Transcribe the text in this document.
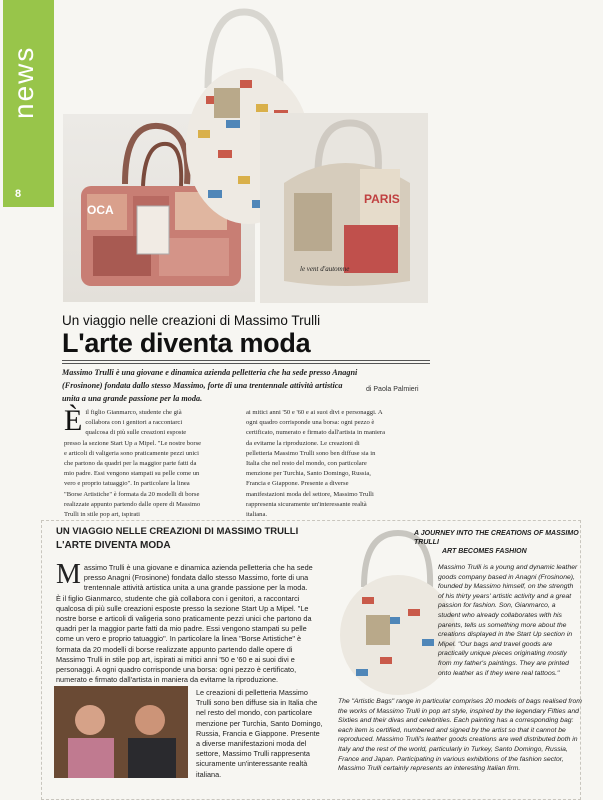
news
8
OCA
PARIS
le vent d'automne
Un viaggio nelle creazioni di Massimo Trulli
L'arte diventa moda
Massimo Trulli è una giovane e dinamica azienda pelletteria che ha sede presso Anagni (Frosinone) fondata dallo stesso Massimo, forte di una trentennale attività artistica unita a una grande passione per la moda.
di Paola Palmieri
È il figlio Gianmarco, studente che già collabora con i genitori a raccontarci qualcosa di più sulle creazioni esposte presso la sezione Start Up a Mipel. "Le nostre borse e articoli di valigeria sono praticamente pezzi unici che partono da quadri per la maggior parte fatti da mio padre. Essi vengono stampati su pelle come un vero e proprio tatuaggio". In particolare la linea "Borse Artistiche" è formata da 20 modelli di borse realizzate appunto partendo dalle opere di Massimo Trulli in stile pop art, ispirati
ai mitici anni '50 e '60 e ai suoi divi e personaggi. A ogni quadro corrisponde una borsa: ogni pezzo è certificato, numerato e firmato dall'artista in maniera da evitarne la riproduzione. Le creazioni di pelletteria Massimo Trulli sono ben diffuse sia in Italia che nel resto del mondo, con particolare menzione per Turchia, Santo Domingo, Russia, Francia e Giappone. Presente a diverse manifestazioni moda del settore, Massimo Trulli rappresenta sicuramente un'interessante realtà italiana.
UN VIAGGIO NELLE CREAZIONI DI MASSIMO TRULLI
L'ARTE DIVENTA MODA
M assimo Trulli è una giovane e dinamica azienda pelletteria che ha sede presso Anagni (Frosinone) fondata dallo stesso Massimo, forte di una trentennale attività artistica unita a una grande passione per la moda. È il figlio Gianmarco, studente che già collabora con i genitori, a raccontarci qualcosa di più sulle creazioni esposte presso la sezione Start Up a Mipel. "Le nostre borse e articoli di valigeria sono praticamente pezzi unici che partono da quadri per la maggior parte fatti da mio padre. Essi vengono stampati su pelle come un vero e proprio tatuaggio". In particolare la linea "Borse Artistiche" è formata da 20 modelli di borse realizzate appunto partendo dalle opere di Massimo Trulli in stile pop art, ispirati ai mitici anni '50 e '60 e ai suoi divi e personaggi. A ogni quadro corrisponde una borsa: ogni pezzo è certificato, numerato e firmato dall'artista in maniera da evitarne la riproduzione.
Le creazioni di pelletteria Massimo Trulli sono ben diffuse sia in Italia che nel resto del mondo, con particolare menzione per Turchia, Santo Domingo, Russia, Francia e Giappone. Presente a diverse manifestazioni moda del settore, Massimo Trulli rappresenta sicuramente un'interessante realtà italiana.
A JOURNEY INTO THE CREATIONS OF MASSIMO TRULLI
ART BECOMES FASHION
Massimo Trulli is a young and dynamic leather goods company based in Anagni (Frosinone), founded by Massimo himself, on the strength of his thirty years' artistic activity and a great passion for fashion. Son, Gianmarco, a student who already collaborates with his parents, tells us something more about the creations displayed in the Start Up section in Mipel. "Our bags and travel goods are practically unique pieces originating mostly from my father's paintings. They are printed onto leather as if they were real tattoos."
The "Artistic Bags" range in particular comprises 20 models of bags realised from the works of Massimo Trulli in pop art style, inspired by the legendary Fifties and Sixties and their divas and celebrities. Each painting has a corresponding bag: each item is certified, numbered and signed by the artist so that it cannot be reproduced. Massimo Trulli's leather goods creations are well distributed both in Italy and the rest of the world, particularly in Turkey, Santo Domingo, Russia, France and Japan. Participating in various exhibitions of the fashion sector, Massimo Trulli certainly represents an interesting Italian firm.
